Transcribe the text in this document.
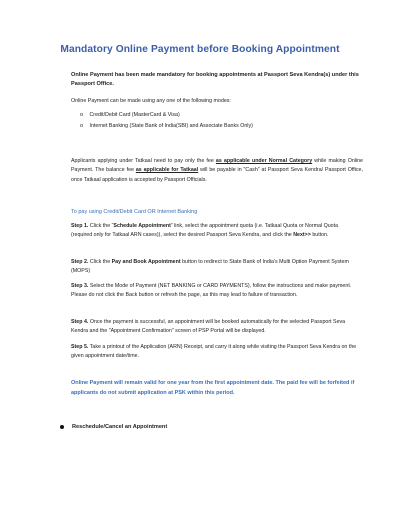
Mandatory Online Payment before Booking Appointment
Online Payment has been made mandatory for booking appointments at Passport Seva Kendra(s) under this Passport Office.
Online Payment can be made using any one of the following modes:
o Credit/Debit Card (MasterCard & Visa)
o Internet Banking (State Bank of India(SBI) and Associate Banks Only)
Applicants applying under Tatkaal need to pay only the fee as applicable under Normal Category while making Online Payment. The balance fee as applicable for Tatkaal will be payable in "Cash" at Passport Seva Kendra/ Passport Office, once Tatkaal application is accepted by Passport Officials.
To pay using Credit/Debit Card OR Internet Banking
Step 1. Click the “Schedule Appointment” link, select the appointment quota (i.e. Tatkaal Quota or Normal Quota (required only for Tatkaal ARN cases)), select the desired Passport Seva Kendra, and click the Next>> button.
Step 2. Click the Pay and Book Appointment button to redirect to State Bank of India's Multi Option Payment System (MOPS)
Step 3. Select the Mode of Payment (NET BANKING or CARD PAYMENTS), follow the instructions and make payment. Please do not click the Back button or refresh the page, as this may lead to failure of transaction.
Step 4. Once the payment is successful, an appointment will be booked automatically for the selected Passport Seva Kendra and the "Appointment Confirmation" screen of PSP Portal will be displayed.
Step 5. Take a printout of the Application (ARN) Receipt, and carry it along while visiting the Passport Seva Kendra on the given appointment date/time.
Online Payment will remain valid for one year from the first appointment date. The paid fee will be forfeited if applicants do not submit application at PSK within this period.
Reschedule/Cancel an Appointment
